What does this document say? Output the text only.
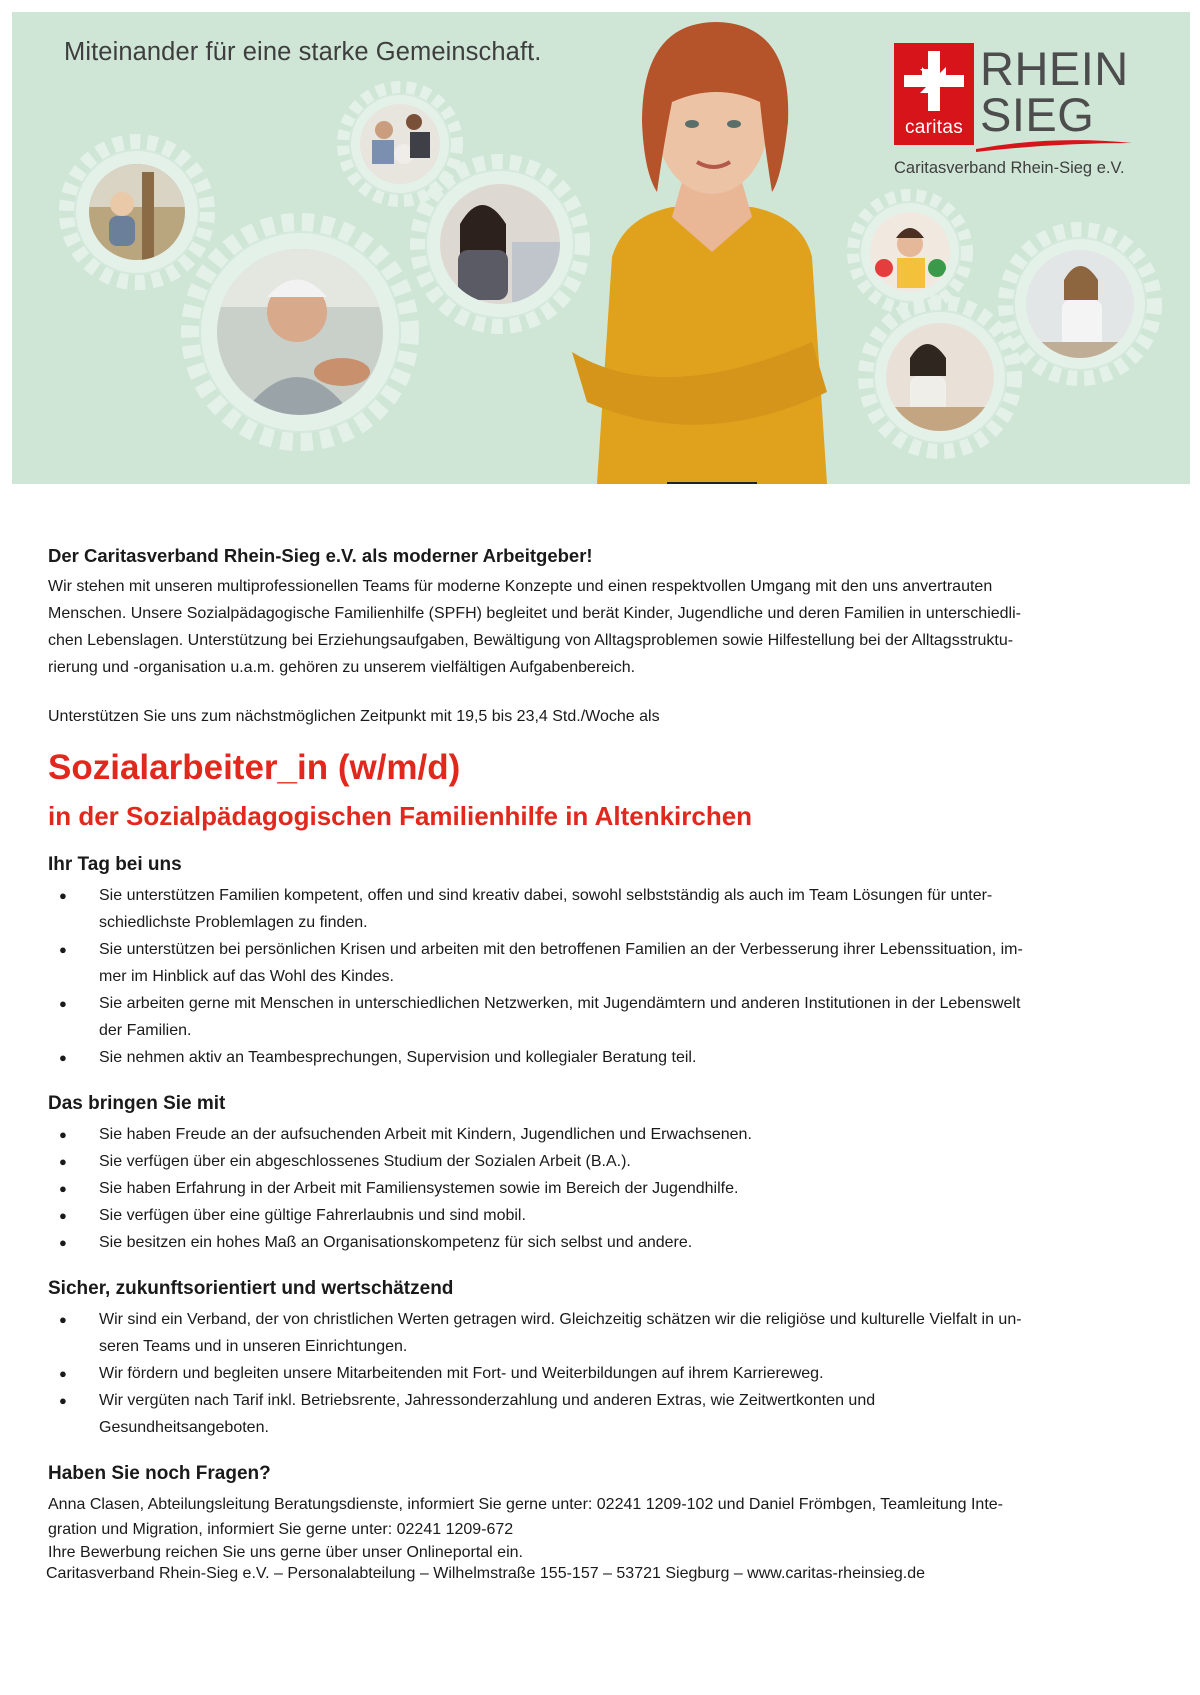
Miteinander für eine starke Gemeinschaft.
caritas
RHEIN
SIEG
Caritasverband Rhein-Sieg e.V.
Der Caritasverband Rhein-Sieg e.V. als moderner Arbeitgeber!
Wir stehen mit unseren multiprofessionellen Teams für moderne Konzepte und einen respektvollen Umgang mit den uns anvertrauten
Menschen. Unsere Sozialpädagogische Familienhilfe (SPFH) begleitet und berät Kinder, Jugendliche und deren Familien in unterschiedli-
chen Lebenslagen. Unterstützung bei Erziehungsaufgaben, Bewältigung von Alltagsproblemen sowie Hilfestellung bei der Alltagsstruktu-
rierung und -organisation u.a.m. gehören zu unserem vielfältigen Aufgabenbereich.

Unterstützen Sie uns zum nächstmöglichen Zeitpunkt mit 19,5 bis 23,4 Std./Woche als

Sozialarbeiter_in (w/m/d)
in der Sozialpädagogischen Familienhilfe in Altenkirchen
Ihr Tag bei uns
● Sie unterstützen Familien kompetent, offen und sind kreativ dabei, sowohl selbstständig als auch im Team Lösungen für unter-
schiedlichste Problemlagen zu finden.
● Sie unterstützen bei persönlichen Krisen und arbeiten mit den betroffenen Familien an der Verbesserung ihrer Lebenssituation, im-
mer im Hinblick auf das Wohl des Kindes.
● Sie arbeiten gerne mit Menschen in unterschiedlichen Netzwerken, mit Jugendämtern und anderen Institutionen in der Lebenswelt
der Familien.
● Sie nehmen aktiv an Teambesprechungen, Supervision und kollegialer Beratung teil.
Das bringen Sie mit
● Sie haben Freude an der aufsuchenden Arbeit mit Kindern, Jugendlichen und Erwachsenen.
● Sie verfügen über ein abgeschlossenes Studium der Sozialen Arbeit (B.A.).
● Sie haben Erfahrung in der Arbeit mit Familiensystemen sowie im Bereich der Jugendhilfe.
● Sie verfügen über eine gültige Fahrerlaubnis und sind mobil.
● Sie besitzen ein hohes Maß an Organisationskompetenz für sich selbst und andere.
Sicher, zukunftsorientiert und wertschätzend
● Wir sind ein Verband, der von christlichen Werten getragen wird. Gleichzeitig schätzen wir die religiöse und kulturelle Vielfalt in un-
seren Teams und in unseren Einrichtungen.
● Wir fördern und begleiten unsere Mitarbeitenden mit Fort- und Weiterbildungen auf ihrem Karriereweg.
● Wir vergüten nach Tarif inkl. Betriebsrente, Jahressonderzahlung und anderen Extras, wie Zeitwertkonten und
Gesundheitsangeboten.
Haben Sie noch Fragen?
Anna Clasen, Abteilungsleitung Beratungsdienste, informiert Sie gerne unter: 02241 1209-102 und Daniel Frömbgen, Teamleitung Inte-
gration und Migration, informiert Sie gerne unter: 02241 1209-672
Ihre Bewerbung reichen Sie uns gerne über unser Onlineportal ein.
Caritasverband Rhein-Sieg e.V. – Personalabteilung – Wilhelmstraße 155-157 – 53721 Siegburg – www.caritas-rheinsieg.de
